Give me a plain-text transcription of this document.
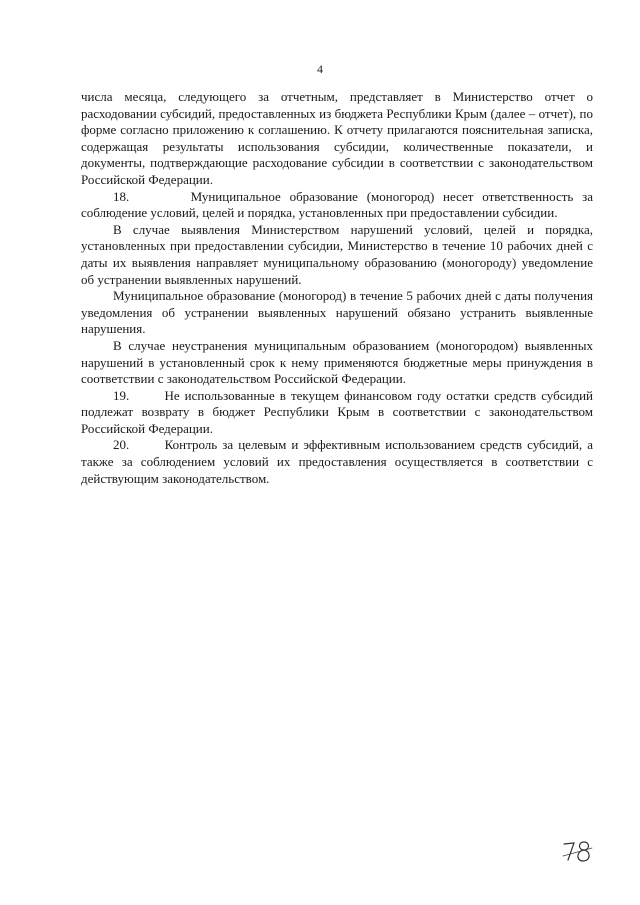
4

числа месяца, следующего за отчетным, представляет в Министерство отчет о расходовании субсидий, предоставленных из бюджета Республики Крым (далее – отчет), по форме согласно приложению к соглашению. К отчету прилагаются пояснительная записка, содержащая результаты использования субсидии, количественные показатели, и документы, подтверждающие расходование субсидии в соответствии с законодательством Российской Федерации.

18.	Муниципальное образование (моногород) несет ответственность за соблюдение условий, целей и порядка, установленных при предоставлении субсидии.

В случае выявления Министерством нарушений условий, целей и порядка, установленных при предоставлении субсидии, Министерство в течение 10 рабочих дней с даты их выявления направляет муниципальному образованию (моногороду) уведомление об устранении выявленных нарушений.

Муниципальное образование (моногород) в течение 5 рабочих дней с даты получения уведомления об устранении выявленных нарушений обязано устранить выявленные нарушения.

В случае неустранения муниципальным образованием (моногородом) выявленных нарушений в установленный срок к нему применяются бюджетные меры принуждения в соответствии с законодательством Российской Федерации.

19.	Не использованные в текущем финансовом году остатки средств субсидий подлежат возврату в бюджет Республики Крым в соответствии с законодательством Российской Федерации.

20.	Контроль за целевым и эффективным использованием средств субсидий, а также за соблюдением условий их предоставления осуществляется в соответствии с действующим законодательством.
